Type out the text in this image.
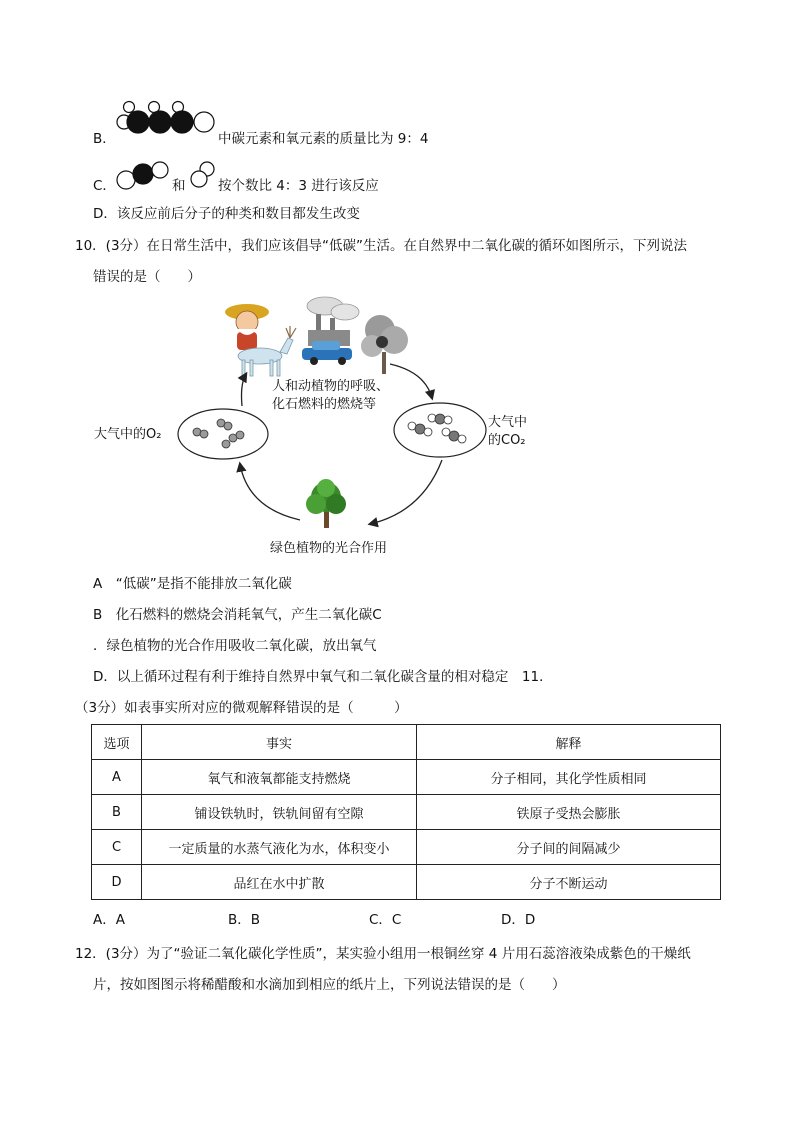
B．	中碳元素和氧元素的质量比为 9：4
C．	和 按个数比 4：3 进行该反应
D．该反应前后分子的种类和数目都发生改变
10．(3分）在日常生活中，我们应该倡导“低碳”生活。在自然界中二氧化碳的循环如图所示，下列说法
错误的是（　　）
人和动植物的呼吸、
化石燃料的燃烧等
大气中的O₂
大气中
的CO₂
绿色植物的光合作用
A　“低碳”是指不能排放二氧化碳
B　化石燃料的燃烧会消耗氧气，产生二氧化碳C
．绿色植物的光合作用吸收二氧化碳，放出氧气
D．以上循环过程有利于维持自然界中氧气和二氧化碳含量的相对稳定　11．
（3分）如表事实所对应的微观解释错误的是（　　　）
选项	事实	解释
A	氧气和液氧都能支持燃烧	分子相同，其化学性质相同
B	铺设铁轨时，铁轨间留有空隙	铁原子受热会膨胀
C	一定质量的水蒸气液化为水，体积变小	分子间的间隔减少
D	品红在水中扩散	分子不断运动
A．A	B．B	C．C	D．D
12．(3分）为了“验证二氧化碳化学性质”，某实验小组用一根铜丝穿 4 片用石蕊溶液染成紫色的干燥纸
片，按如图图示将稀醋酸和水滴加到相应的纸片上，下列说法错误的是（　　）
